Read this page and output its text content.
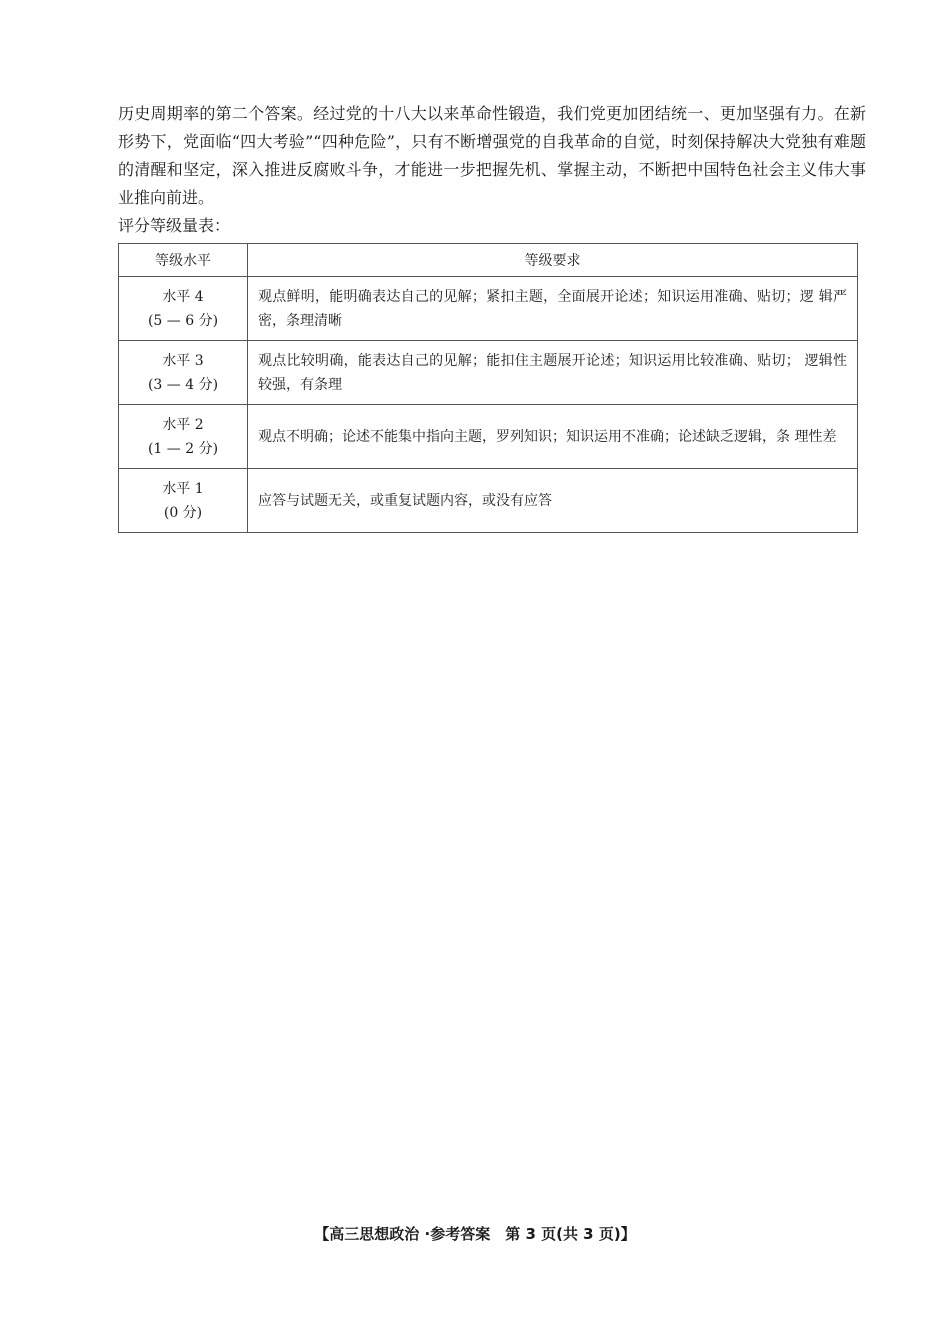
历史周期率的第二个答案。经过党的十八大以来革命性锻造，我们党更加团结统一、更加坚强有力。在新形势下，党面临“四大考验”“四种危险”，只有不断增强党的自我革命的自觉，时刻保持解决大党独有难题的清醒和坚定，深入推进反腐败斗争，才能进一步把握先机、掌握主动，不断把中国特色社会主义伟大事业推向前进。

评分等级量表：

等级水平	等级要求

水平 4
(5 — 6 分)	观点鲜明，能明确表达自己的见解；紧扣主题，全面展开论述；知识运用准确、贴切；逻 辑严密，条理清晰

水平 3
(3 — 4 分)	观点比较明确，能表达自己的见解；能扣住主题展开论述；知识运用比较准确、贴切； 逻辑性较强，有条理

水平 2
(1 — 2 分)	观点不明确；论述不能集中指向主题，罗列知识；知识运用不准确；论述缺乏逻辑，条 理性差

水平 1
(0 分)	应答与试题无关，或重复试题内容，或没有应答

【高三思想政治 ·参考答案　第 3 页(共 3 页)】
